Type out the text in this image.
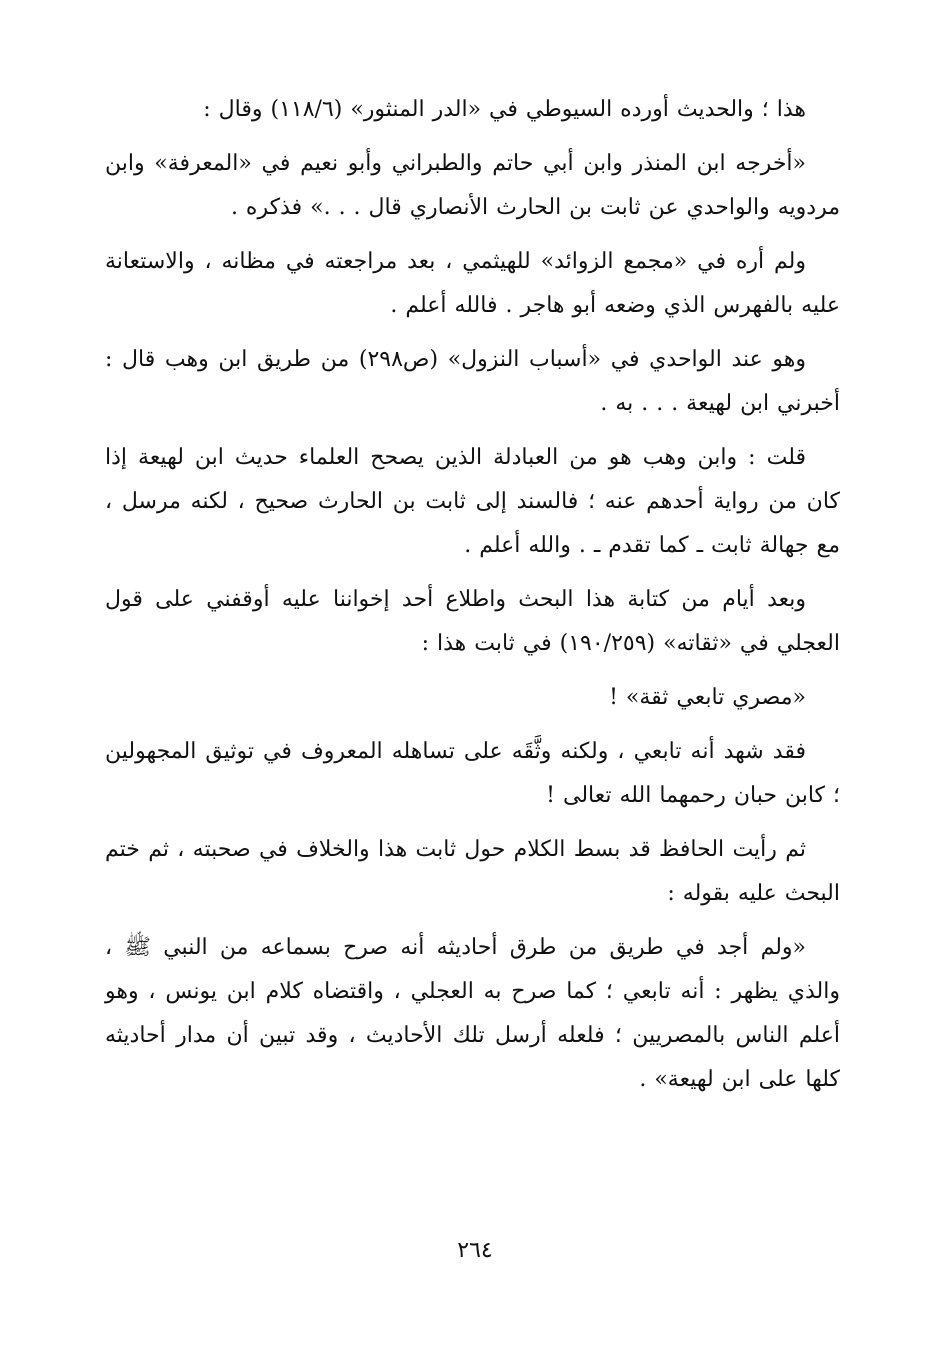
هذا ؛ والحديث أورده السيوطي في «الدر المنثور» (١١٨/٦) وقال :

«أخرجه ابن المنذر وابن أبي حاتم والطبراني وأبو نعيم في «المعرفة» وابن مردويه والواحدي عن ثابت بن الحارث الأنصاري قال . . .» فذكره .

ولم أره في «مجمع الزوائد» للهيثمي ، بعد مراجعته في مظانه ، والاستعانة عليه بالفهرس الذي وضعه أبو هاجر . فالله أعلم .

وهو عند الواحدي في «أسباب النزول» (ص٢٩٨) من طريق ابن وهب قال : أخبرني ابن لهيعة . . . به .

قلت : وابن وهب هو من العبادلة الذين يصحح العلماء حديث ابن لهيعة إذا كان من رواية أحدهم عنه ؛ فالسند إلى ثابت بن الحارث صحيح ، لكنه مرسل ، مع جهالة ثابت ـ كما تقدم ـ . والله أعلم .

وبعد أيام من كتابة هذا البحث واطلاع أحد إخواننا عليه أوقفني على قول العجلي في «ثقاته» (١٩٠/٢٥٩) في ثابت هذا :

«مصري تابعي ثقة» !

فقد شهد أنه تابعي ، ولكنه وثَّقَه على تساهله المعروف في توثيق المجهولين ؛ كابن حبان رحمهما الله تعالى !

ثم رأيت الحافظ قد بسط الكلام حول ثابت هذا والخلاف في صحبته ، ثم ختم البحث عليه بقوله :

«ولم أجد في طريق من طرق أحاديثه أنه صرح بسماعه من النبي ﷺ ، والذي يظهر : أنه تابعي ؛ كما صرح به العجلي ، واقتضاه كلام ابن يونس ، وهو أعلم الناس بالمصريين ؛ فلعله أرسل تلك الأحاديث ، وقد تبين أن مدار أحاديثه كلها على ابن لهيعة» .

٢٦٤
